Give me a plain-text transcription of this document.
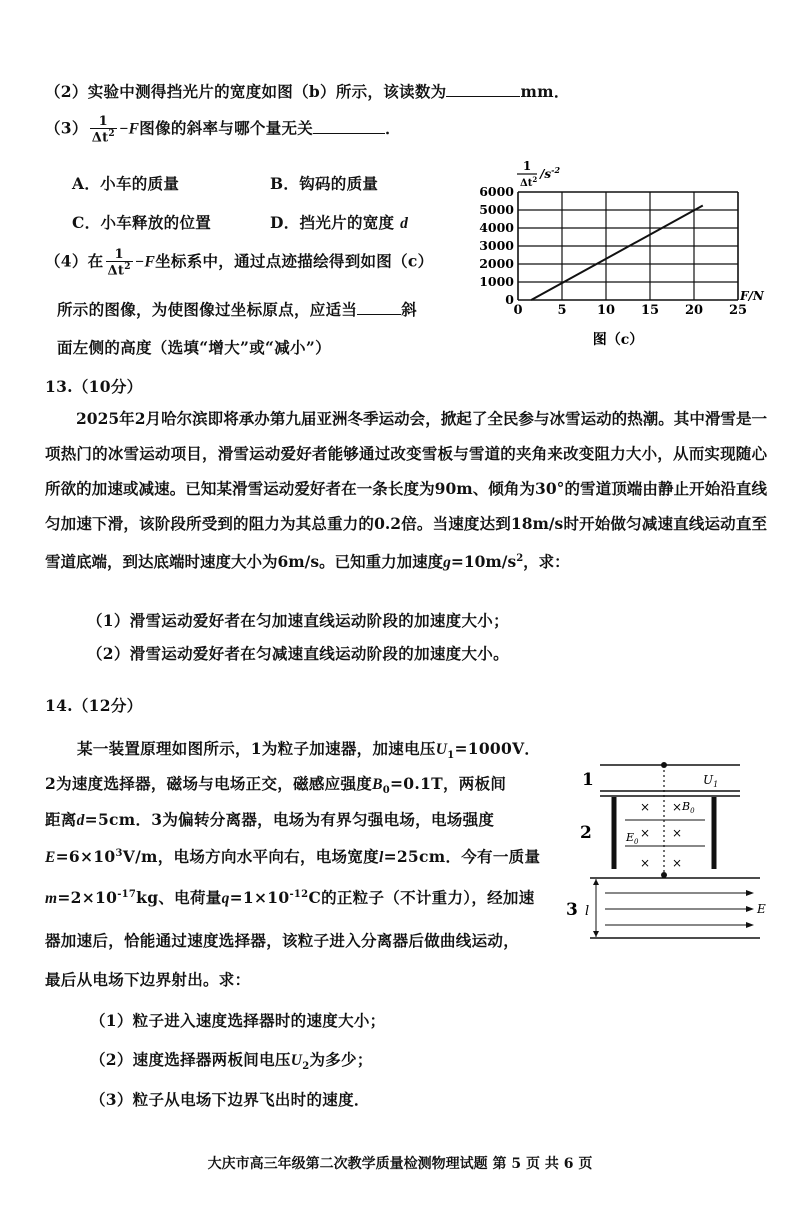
（2）实验中测得挡光片的宽度如图（b）所示，该读数为	mm．
$(3) \frac{1}{\Delta t^2} -F$图像的斜率与哪个量无关	．
A．小车的质量	B．钩码的质量
C．小车释放的位置	D．挡光片的宽度 d
（4）在 $\frac{1}{\Delta t^2} -F$坐标系中，通过点迹描绘得到如图（c）
所示的图像，为使图像过坐标原点，应适当	斜
面左侧的高度（选填“增大”或“减小”）
1
$\Delta t^2$ $/s^{-2}$
0	5 10 15 20 25
0
1000
2000
3000
4000
5000
6000
F/N
图（c）
13.（10分）
2025年2月哈尔滨即将承办第九届亚洲冬季运动会，掀起了全民参与冰雪运动的热潮。其中滑雪是一项热门的冰雪运动项目，滑雪运动爱好者能够通过改变雪板与雪道的夹角来改变阻力大小，从而实现随心所欲的加速或减速。已知某滑雪运动爱好者在一条长度为90m、倾角为30°的雪道顶端由静止开始沿直线匀加速下滑，该阶段所受到的阻力为其总重力的0.2倍。当速度达到18m/s时开始做匀减速直线运动直至雪道底端，到达底端时速度大小为6m/s。已知重力加速度$g=10m/s^2$，求：
（1）滑雪运动爱好者在匀加速直线运动阶段的加速度大小；
（2）滑雪运动爱好者在匀减速直线运动阶段的加速度大小。
14.（12分）
某一装置原理如图所示，1为粒子加速器，加速电压$U_1=1000V$．
2为速度选择器，磁场与电场正交，磁感应强度$B_0=0.1T$，两板间
距离d=5cm．3为偏转分离器，电场为有界匀强电场，电场强度
$E=6\times 10^3V/m$，电场方向水平向右，电场宽度l=25cm．今有一质量
$m=2\times 10^{-17}kg$、电荷量$q=1\times 10^{-12}C$的正粒子（不计重力），经加速
器加速后，恰能通过速度选择器，该粒子进入分离器后做曲线运动，
最后从电场下边界射出。求：
（1）粒子进入速度选择器时的速度大小；
（2）速度选择器两板间电压$U_2$为多少；
（3）粒子从电场下边界飞出时的速度．
1	$U_1$
2
× ×
× ×
× ×
$B_0$
$E_0$
3 l	E
大庆市高三年级第二次教学质量检测物理试题 第 5 页 共 6 页
